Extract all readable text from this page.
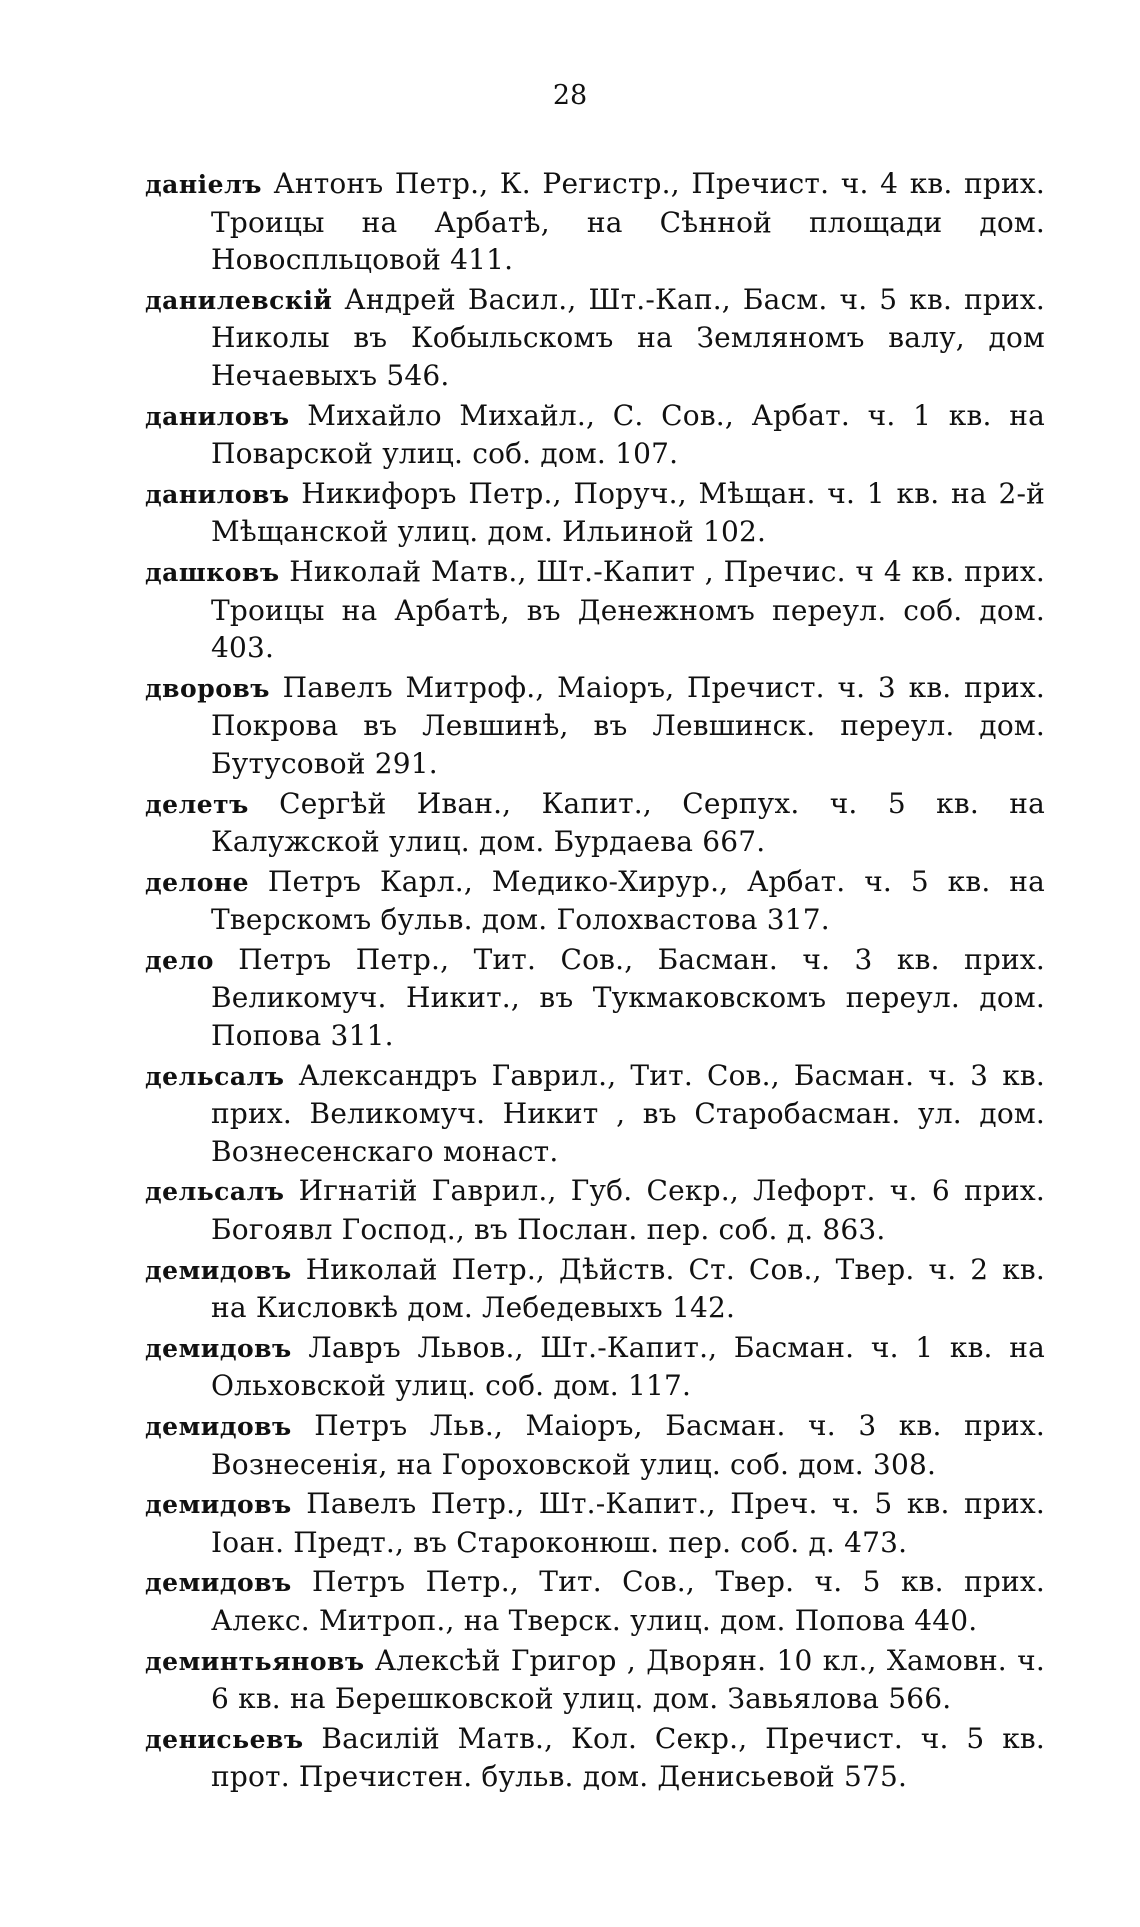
28
данiелъ Антонъ Петр., К. Регистр., Пречист. ч. 4 кв. прих. Троицы на Арбатѣ, на Сѣнной площади дом. Новоспльцовой 411.
данилевскiй Андрей Васил., Шт.-Кап., Басм. ч. 5 кв. прих. Николы въ Кобыльскомъ на Земляномъ валу, дом Нечаевыхъ 546.
даниловъ Михайло Михайл., С. Сов., Арбат. ч. 1 кв. на Поварской улиц. соб. дом. 107.
даниловъ Никифоръ Петр., Поруч., Мѣщан. ч. 1 кв. на 2-й Мѣщанской улиц. дом. Ильиной 102.
дашковъ Николай Матв., Шт.-Капит , Пречис. ч 4 кв. прих. Троицы на Арбатѣ, въ Денежномъ переул. соб. дом. 403.
дворовъ Павелъ Митроф., Маiоръ, Пречист. ч. 3 кв. прих. Покрова въ Левшинѣ, въ Левшинск. переул. дом. Бутусовой 291.
делетъ Сергѣй Иван., Капит., Серпух. ч. 5 кв. на Калужской улиц. дом. Бурдаева 667.
делоне Петръ Карл., Медико-Хирур., Арбат. ч. 5 кв. на Тверскомъ бульв. дом. Голохвастова 317.
дело Петръ Петр., Тит. Сов., Басман. ч. 3 кв. прих. Великомуч. Никит., въ Тукмаковскомъ переул. дом. Попова 311.
дельсалъ Александръ Гаврил., Тит. Сов., Басман. ч. 3 кв. прих. Великомуч. Никит , въ Старобасман. ул. дом. Вознесенскаго монаст.
дельсалъ Игнатiй Гаврил., Губ. Секр., Лефорт. ч. 6 прих. Богоявл Господ., въ Послан. пер. соб. д. 863.
демидовъ Николай Петр., Дѣйств. Ст. Сов., Твер. ч. 2 кв. на Кисловкѣ дом. Лебедевыхъ 142.
демидовъ Лавръ Львов., Шт.-Капит., Басман. ч. 1 кв. на Ольховской улиц. соб. дом. 117.
демидовъ Петръ Льв., Маiоръ, Басман. ч. 3 кв. прих. Вознесенiя, на Гороховской улиц. соб. дом. 308.
демидовъ Павелъ Петр., Шт.-Капит., Преч. ч. 5 кв. прих. Iоан. Предт., въ Староконюш. пер. соб. д. 473.
демидовъ Петръ Петр., Тит. Сов., Твер. ч. 5 кв. прих. Алекс. Митроп., на Тверск. улиц. дом. Попова 440.
деминтьяновъ Алексѣй Григор , Дворян. 10 кл., Хамовн. ч. 6 кв. на Берешковской улиц. дом. Завьялова 566.
денисьевъ Василiй Матв., Кол. Секр., Пречист. ч. 5 кв. прот. Пречистен. бульв. дом. Денисьевой 575.
